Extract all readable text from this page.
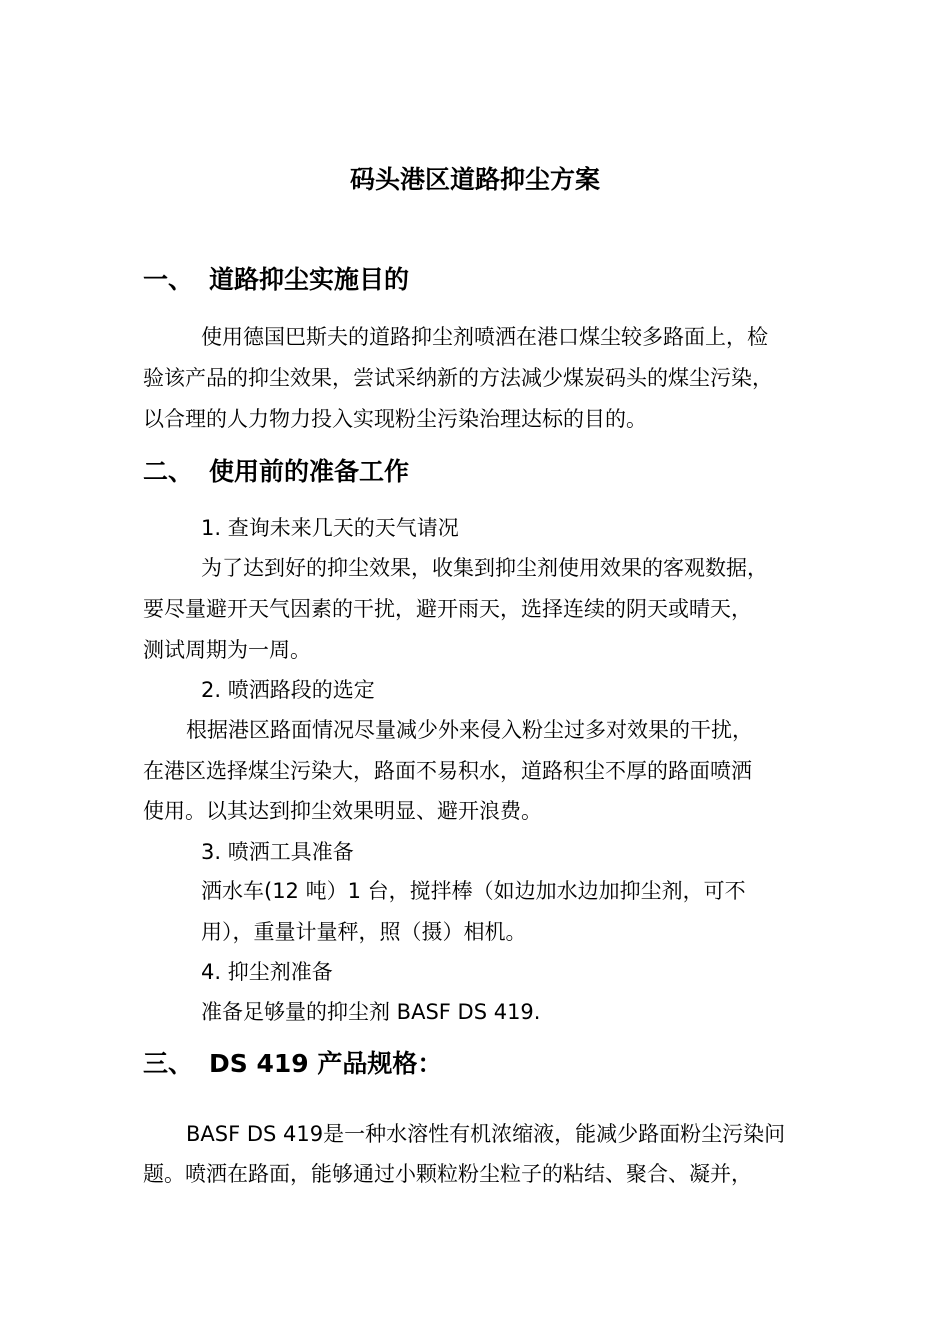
码头港区道路抑尘方案
一、 道路抑尘实施目的
使用德国巴斯夫的道路抑尘剂喷洒在港口煤尘较多路面上，检
验该产品的抑尘效果，尝试采纳新的方法减少煤炭码头的煤尘污染，
以合理的人力物力投入实现粉尘污染治理达标的目的。
二、 使用前的准备工作
1. 查询未来几天的天气请况
为了达到好的抑尘效果，收集到抑尘剂使用效果的客观数据，
要尽量避开天气因素的干扰，避开雨天，选择连续的阴天或晴天，
测试周期为一周。
2. 喷洒路段的选定
根据港区路面情况尽量减少外来侵入粉尘过多对效果的干扰，
在港区选择煤尘污染大，路面不易积水，道路积尘不厚的路面喷洒
使用。以其达到抑尘效果明显、避开浪费。
3. 喷洒工具准备
洒水车(12 吨）1 台，搅拌棒（如边加水边加抑尘剂，可不
用），重量计量秤，照（摄）相机。
4. 抑尘剂准备
准备足够量的抑尘剂 BASF DS 419.
三、 DS 419 产品规格：
BASF DS 419是一种水溶性有机浓缩液，能减少路面粉尘污染问
题。喷洒在路面，能够通过小颗粒粉尘粒子的粘结、聚合、凝并，
